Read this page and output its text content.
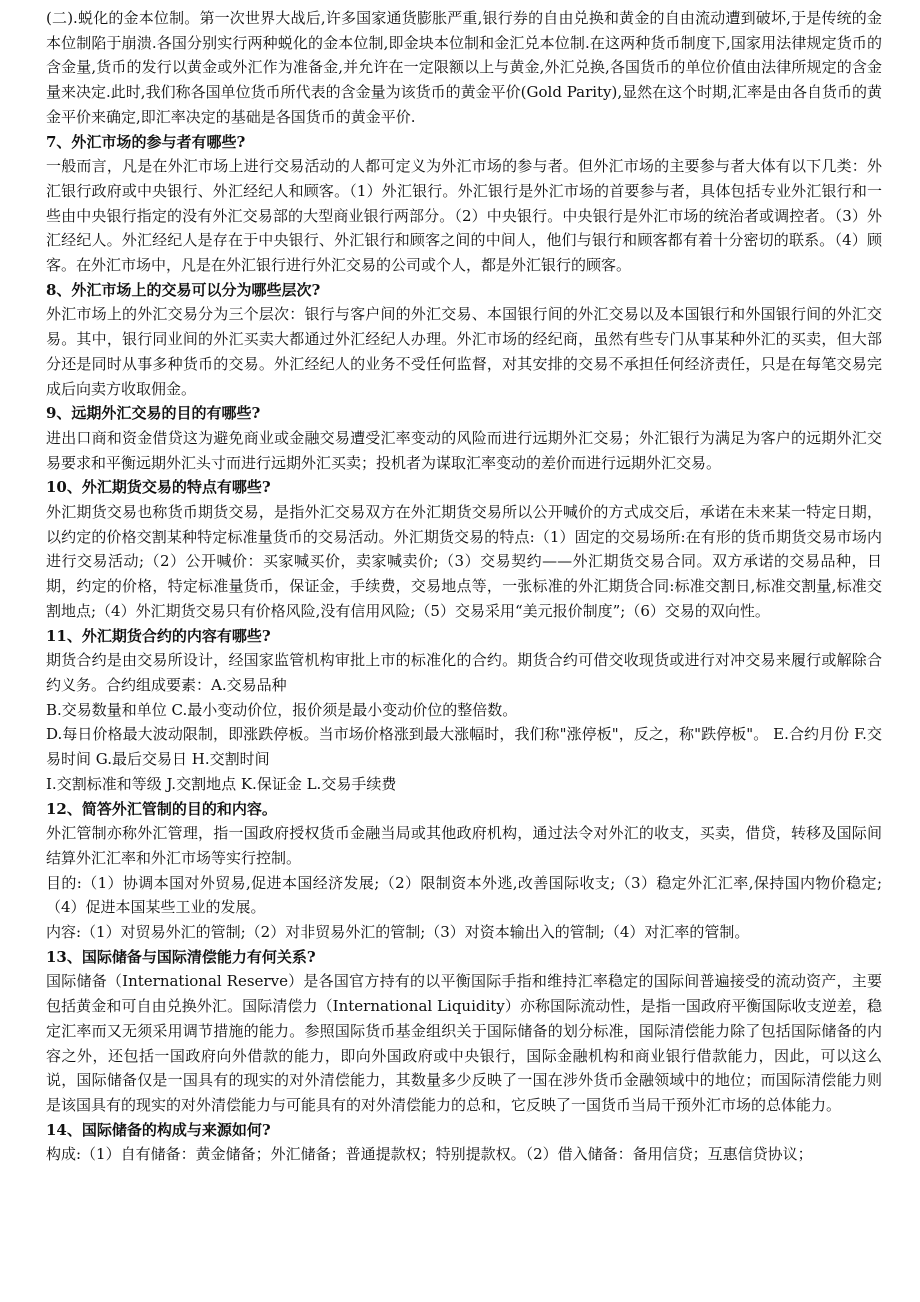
(二).蜕化的金本位制。第一次世界大战后,许多国家通货膨胀严重,银行券的自由兑换和黄金的自由流动遭到破坏,于是传统的金本位制陷于崩溃.各国分别实行两种蜕化的金本位制,即金块本位制和金汇兑本位制.在这两种货币制度下,国家用法律规定货币的含金量,货币的发行以黄金或外汇作为准备金,并允许在一定限额以上与黄金,外汇兑换,各国货币的单位价值由法律所规定的含金量来决定.此时,我们称各国单位货币所代表的含金量为该货币的黄金平价(Gold Parity),显然在这个时期,汇率是由各自货币的黄金平价来确定,即汇率决定的基础是各国货币的黄金平价.

7、外汇市场的参与者有哪些?

一般而言，凡是在外汇市场上进行交易活动的人都可定义为外汇市场的参与者。但外汇市场的主要参与者大体有以下几类：外汇银行政府或中央银行、外汇经纪人和顾客。（1）外汇银行。外汇银行是外汇市场的首要参与者，具体包括专业外汇银行和一些由中央银行指定的没有外汇交易部的大型商业银行两部分。（2）中央银行。中央银行是外汇市场的统治者或调控者。（3）外汇经纪人。外汇经纪人是存在于中央银行、外汇银行和顾客之间的中间人，他们与银行和顾客都有着十分密切的联系。（4）顾客。在外汇市场中，凡是在外汇银行进行外汇交易的公司或个人，都是外汇银行的顾客。

8、外汇市场上的交易可以分为哪些层次?

外汇市场上的外汇交易分为三个层次：银行与客户间的外汇交易、本国银行间的外汇交易以及本国银行和外国银行间的外汇交易。其中，银行同业间的外汇买卖大都通过外汇经纪人办理。外汇市场的经纪商，虽然有些专门从事某种外汇的买卖，但大部分还是同时从事多种货币的交易。外汇经纪人的业务不受任何监督，对其安排的交易不承担任何经济责任，只是在每笔交易完成后向卖方收取佣金。

9、远期外汇交易的目的有哪些?

进出口商和资金借贷这为避免商业或金融交易遭受汇率变动的风险而进行远期外汇交易；外汇银行为满足为客户的远期外汇交易要求和平衡远期外汇头寸而进行远期外汇买卖；投机者为谋取汇率变动的差价而进行远期外汇交易。

10、外汇期货交易的特点有哪些?

外汇期货交易也称货币期货交易，是指外汇交易双方在外汇期货交易所以公开喊价的方式成交后，承诺在未来某一特定日期，以约定的价格交割某种特定标准量货币的交易活动。外汇期货交易的特点:（1）固定的交易场所:在有形的货币期货交易市场内进行交易活动;（2）公开喊价：买家喊买价，卖家喊卖价;（3）交易契约——外汇期货交易合同。双方承诺的交易品种，日期，约定的价格，特定标准量货币，保证金，手续费，交易地点等，一张标准的外汇期货合同:标准交割日,标准交割量,标准交割地点;（4）外汇期货交易只有价格风险,没有信用风险;（5）交易采用“美元报价制度”;（6）交易的双向性。

11、外汇期货合约的内容有哪些?

期货合约是由交易所设计，经国家监管机构审批上市的标准化的合约。期货合约可借交收现货或进行对冲交易来履行或解除合约义务。合约组成要素：A.交易品种

B.交易数量和单位 C.最小变动价位，报价须是最小变动价位的整倍数。

D.每日价格最大波动限制，即涨跌停板。当市场价格涨到最大涨幅时，我们称"涨停板"，反之，称"跌停板"。 E.合约月份 F.交易时间 G.最后交易日 H.交割时间

I.交割标准和等级 J.交割地点 K.保证金 L.交易手续费

12、简答外汇管制的目的和内容。

外汇管制亦称外汇管理，指一国政府授权货币金融当局或其他政府机构，通过法令对外汇的收支，买卖，借贷，转移及国际间结算外汇汇率和外汇市场等实行控制。

目的:（1）协调本国对外贸易,促进本国经济发展;（2）限制资本外逃,改善国际收支;（3）稳定外汇汇率,保持国内物价稳定;（4）促进本国某些工业的发展。

内容:（1）对贸易外汇的管制;（2）对非贸易外汇的管制;（3）对资本输出入的管制;（4）对汇率的管制。

13、国际储备与国际清偿能力有何关系?

国际储备（International Reserve）是各国官方持有的以平衡国际手指和维持汇率稳定的国际间普遍接受的流动资产，主要包括黄金和可自由兑换外汇。国际清偿力（International Liquidity）亦称国际流动性，是指一国政府平衡国际收支逆差，稳定汇率而又无须采用调节措施的能力。参照国际货币基金组织关于国际储备的划分标准，国际清偿能力除了包括国际储备的内容之外，还包括一国政府向外借款的能力，即向外国政府或中央银行，国际金融机构和商业银行借款能力，因此，可以这么说，国际储备仅是一国具有的现实的对外清偿能力，其数量多少反映了一国在涉外货币金融领域中的地位；而国际清偿能力则是该国具有的现实的对外清偿能力与可能具有的对外清偿能力的总和，它反映了一国货币当局干预外汇市场的总体能力。

14、国际储备的构成与来源如何?

构成:（1）自有储备：黄金储备；外汇储备；普通提款权；特别提款权。（2）借入储备：备用信贷；互惠信贷协议；
